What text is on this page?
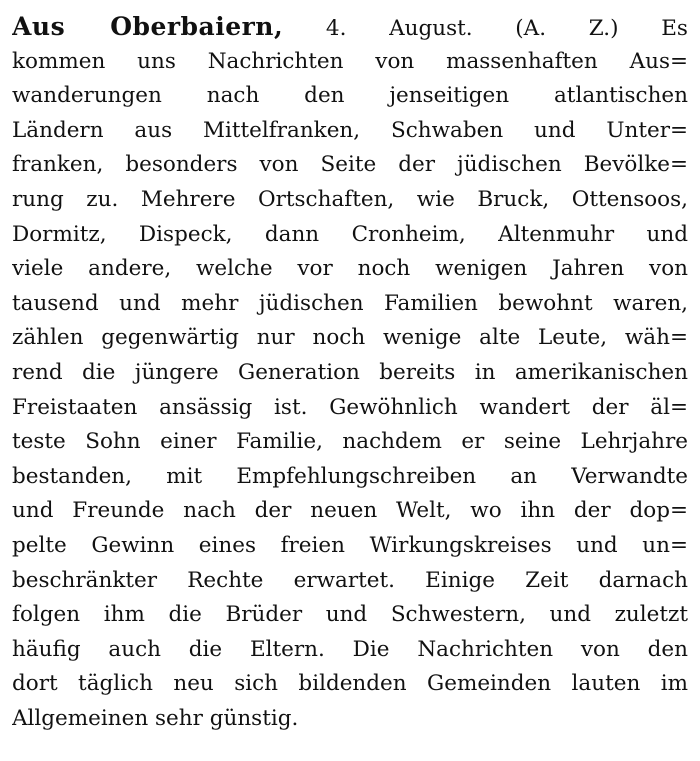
Aus Oberbaiern, 4. August. (A. Z.) Es
kommen uns Nachrichten von massenhaften Aus=
wanderungen nach den jenseitigen atlantischen
Ländern aus Mittelfranken, Schwaben und Unter=
franken, besonders von Seite der jüdischen Bevölke=
rung zu. Mehrere Ortschaften, wie Bruck, Ottensoos,
Dormitz, Dispeck, dann Cronheim, Altenmuhr und
viele andere, welche vor noch wenigen Jahren von
tausend und mehr jüdischen Familien bewohnt waren,
zählen gegenwärtig nur noch wenige alte Leute, wäh=
rend die jüngere Generation bereits in amerikanischen
Freistaaten ansässig ist. Gewöhnlich wandert der äl=
teste Sohn einer Familie, nachdem er seine Lehrjahre
bestanden, mit Empfehlungschreiben an Verwandte
und Freunde nach der neuen Welt, wo ihn der dop=
pelte Gewinn eines freien Wirkungskreises und un=
beschränkter Rechte erwartet. Einige Zeit darnach
folgen ihm die Brüder und Schwestern, und zuletzt
häufig auch die Eltern. Die Nachrichten von den
dort täglich neu sich bildenden Gemeinden lauten im
Allgemeinen sehr günstig.
